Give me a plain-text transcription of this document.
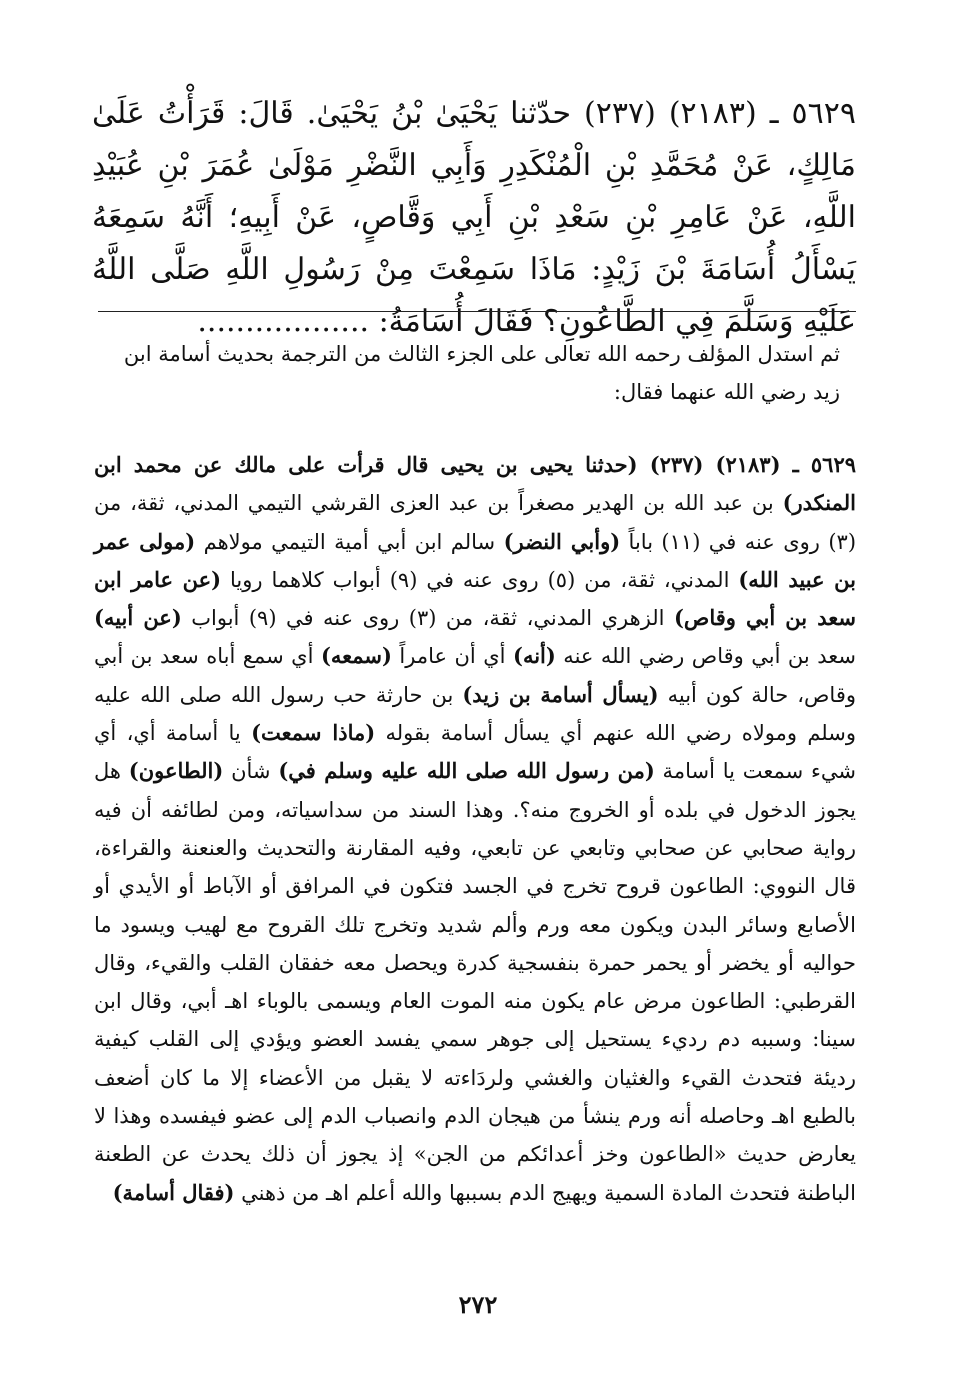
٥٦٢٩ ـ (٢١٨٣) (٢٣٧) حدّثنا يَحْيَىٰ بْنُ يَحْيَىٰ. قَالَ: قَرَأْتُ عَلَىٰ مَالِكٍ، عَنْ مُحَمَّدِ بْنِ الْمُنْكَدِرِ وَأَبِي النَّضْرِ مَوْلَىٰ عُمَرَ بْنِ عُبَيْدِ اللَّهِ، عَنْ عَامِرِ بْنِ سَعْدِ بْنِ أَبِي وَقَّاصٍ، عَنْ أَبِيهِ؛ أَنَّهُ سَمِعَهُ يَسْأَلُ أُسَامَةَ بْنَ زَيْدٍ: مَاذَا سَمِعْتَ مِنْ رَسُولِ اللَّهِ صَلَّى اللَّهُ عَلَيْهِ وَسَلَّمَ فِي الطَّاعُونِ؟ فَقَالَ أُسَامَةُ: ..................
ثم استدل المؤلف رحمه الله تعالى على الجزء الثالث من الترجمة بحديث أسامة ابن زيد رضي الله عنهما فقال:
٥٦٢٩ ـ (٢١٨٣) (٢٣٧) (حدثنا يحيى بن يحيى قال قرأت على مالك عن محمد ابن المنكدر) بن عبد الله بن الهدير مصغراً بن عبد العزى القرشي التيمي المدني، ثقة، من (٣) روى عنه في (١١) باباً (وأبي النضر) سالم ابن أبي أمية التيمي مولاهم (مولى عمر بن عبيد الله) المدني، ثقة، من (٥) روى عنه في (٩) أبواب كلاهما رويا (عن عامر ابن سعد بن أبي وقاص) الزهري المدني، ثقة، من (٣) روى عنه في (٩) أبواب (عن أبيه) سعد بن أبي وقاص رضي الله عنه (أنه) أي أن عامراً (سمعه) أي سمع أباه سعد بن أبي وقاص، حالة كون أبيه (يسأل أسامة بن زيد) بن حارثة حب رسول الله صلى الله عليه وسلم ومولاه رضي الله عنهم أي يسأل أسامة بقوله (ماذا سمعت) يا أسامة أي، أي شيء سمعت يا أسامة (من رسول الله صلى الله عليه وسلم في) شأن (الطاعون) هل يجوز الدخول في بلده أو الخروج منه؟. وهذا السند من سداسياته، ومن لطائفه أن فيه رواية صحابي عن صحابي وتابعي عن تابعي، وفيه المقارنة والتحديث والعنعنة والقراءة، قال النووي: الطاعون قروح تخرج في الجسد فتكون في المرافق أو الآباط أو الأيدي أو الأصابع وسائر البدن ويكون معه ورم وألم شديد وتخرج تلك القروح مع لهيب ويسود ما حواليه أو يخضر أو يحمر حمرة بنفسجية كدرة ويحصل معه خفقان القلب والقيء، وقال القرطبي: الطاعون مرض عام يكون منه الموت العام ويسمى بالوباء اهـ أبي، وقال ابن سينا: وسببه دم رديء يستحيل إلى جوهر سمي يفسد العضو ويؤدي إلى القلب كيفية رديئة فتحدث القيء والغثيان والغشي ولردَاءته لا يقبل من الأعضاء إلا ما كان أضعف بالطبع اهـ وحاصله أنه ورم ينشأ من هيجان الدم وانصباب الدم إلى عضو فيفسده وهذا لا يعارض حديث «الطاعون وخز أعدائكم من الجن» إذ يجوز أن ذلك يحدث عن الطعنة الباطنة فتحدث المادة السمية ويهيج الدم بسببها والله أعلم اهـ من ذهني (فقال أسامة)
٢٧٢
